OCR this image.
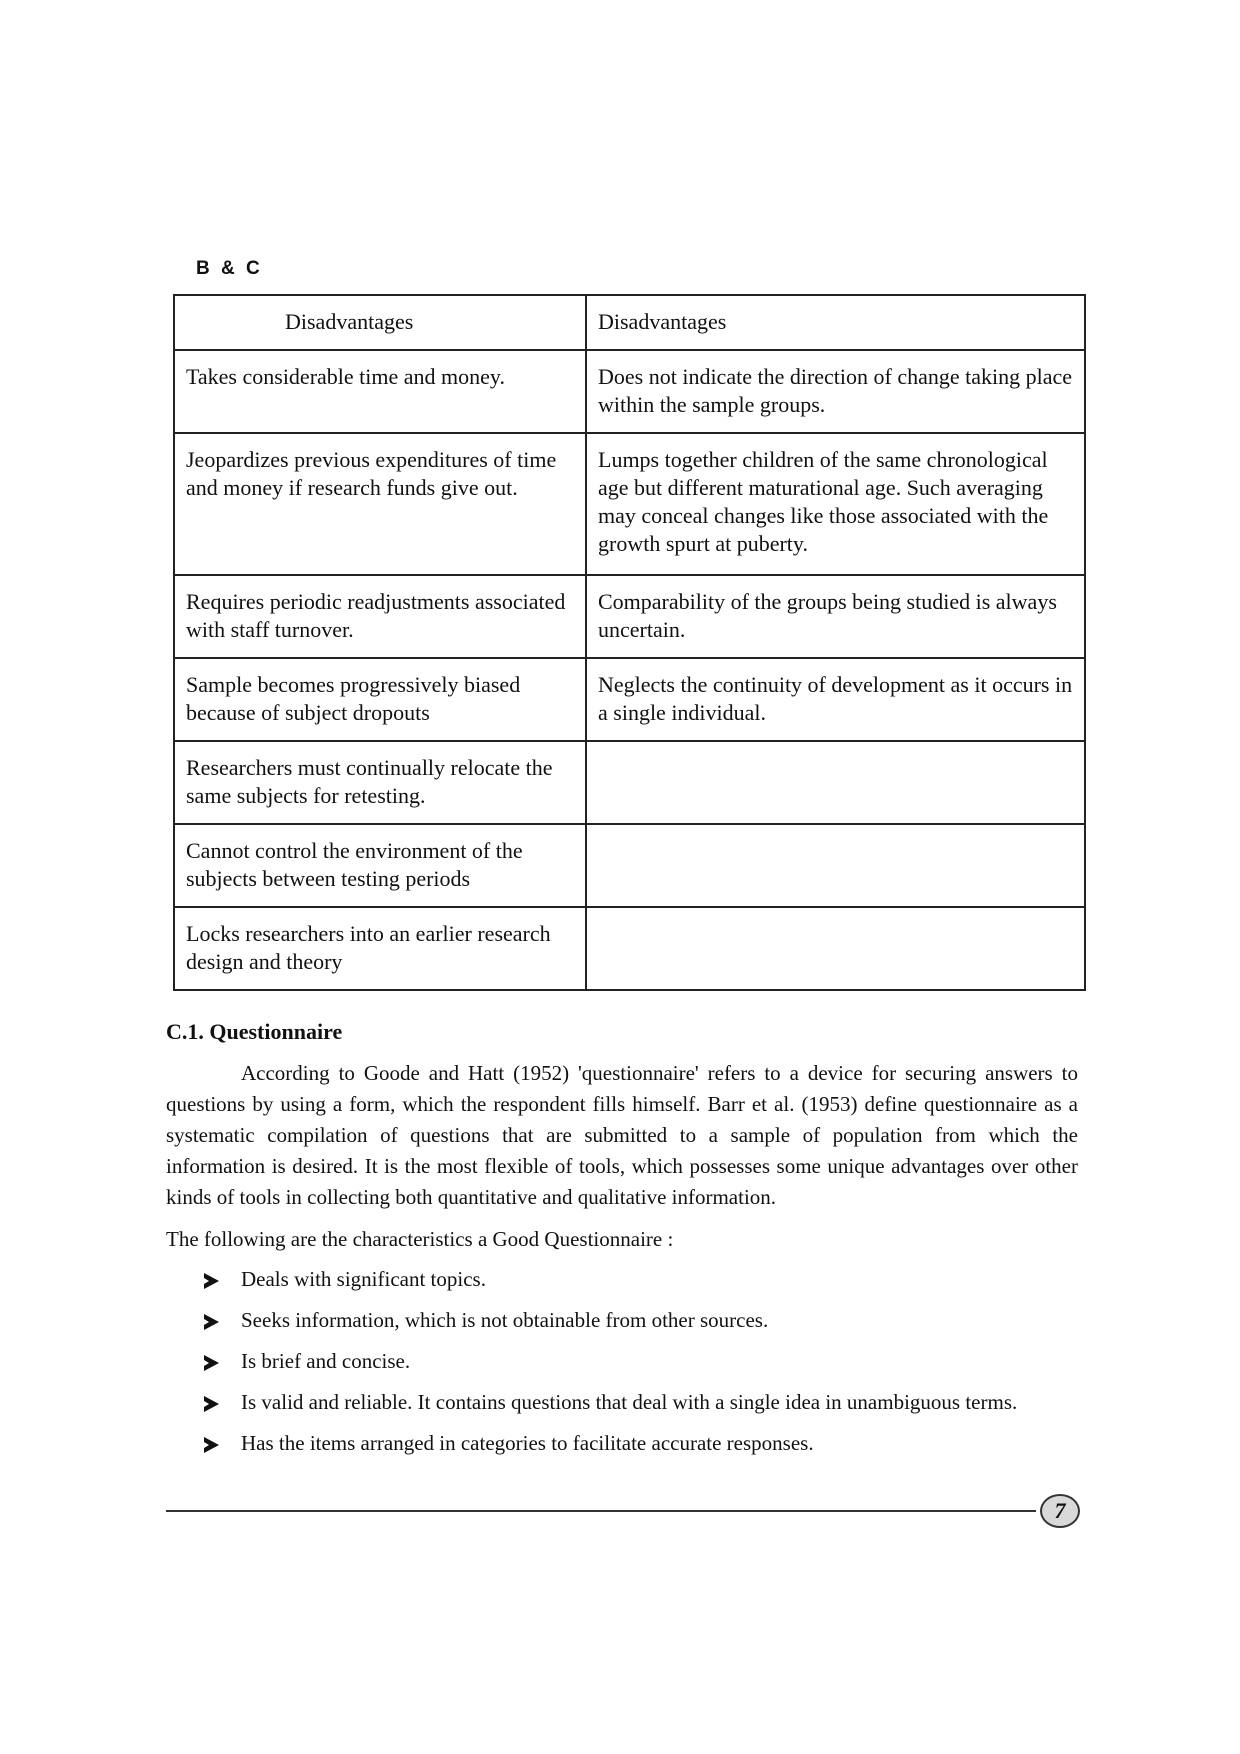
B & C
Disadvantages	Disadvantages
Takes considerable time and money.	Does not indicate the direction of change taking place within the sample groups.
Jeopardizes previous expenditures of time and money if research funds give out.	Lumps together children of the same chronological age but different maturational age. Such averaging may conceal changes like those associated with the growth spurt at puberty.
Requires periodic readjustments associated with staff turnover.	Comparability of the groups being studied is always uncertain.
Sample becomes progressively biased because of subject dropouts	Neglects the continuity of development as it occurs in a single individual.
Researchers must continually relocate the same subjects for retesting.	
Cannot control the environment of the subjects between testing periods	
Locks researchers into an earlier research design and theory	
C.1. Questionnaire

According to Goode and Hatt (1952) 'questionnaire' refers to a device for securing answers to questions by using a form, which the respondent fills himself. Barr et al. (1953) define questionnaire as a systematic compilation of questions that are submitted to a sample of population from which the information is desired. It is the most flexible of tools, which possesses some unique advantages over other kinds of tools in collecting both quantitative and qualitative information.

The following are the characteristics a Good Questionnaire :

Deals with significant topics.
Seeks information, which is not obtainable from other sources.
Is brief and concise.
Is valid and reliable. It contains questions that deal with a single idea in unambiguous terms.
Has the items arranged in categories to facilitate accurate responses.
7
